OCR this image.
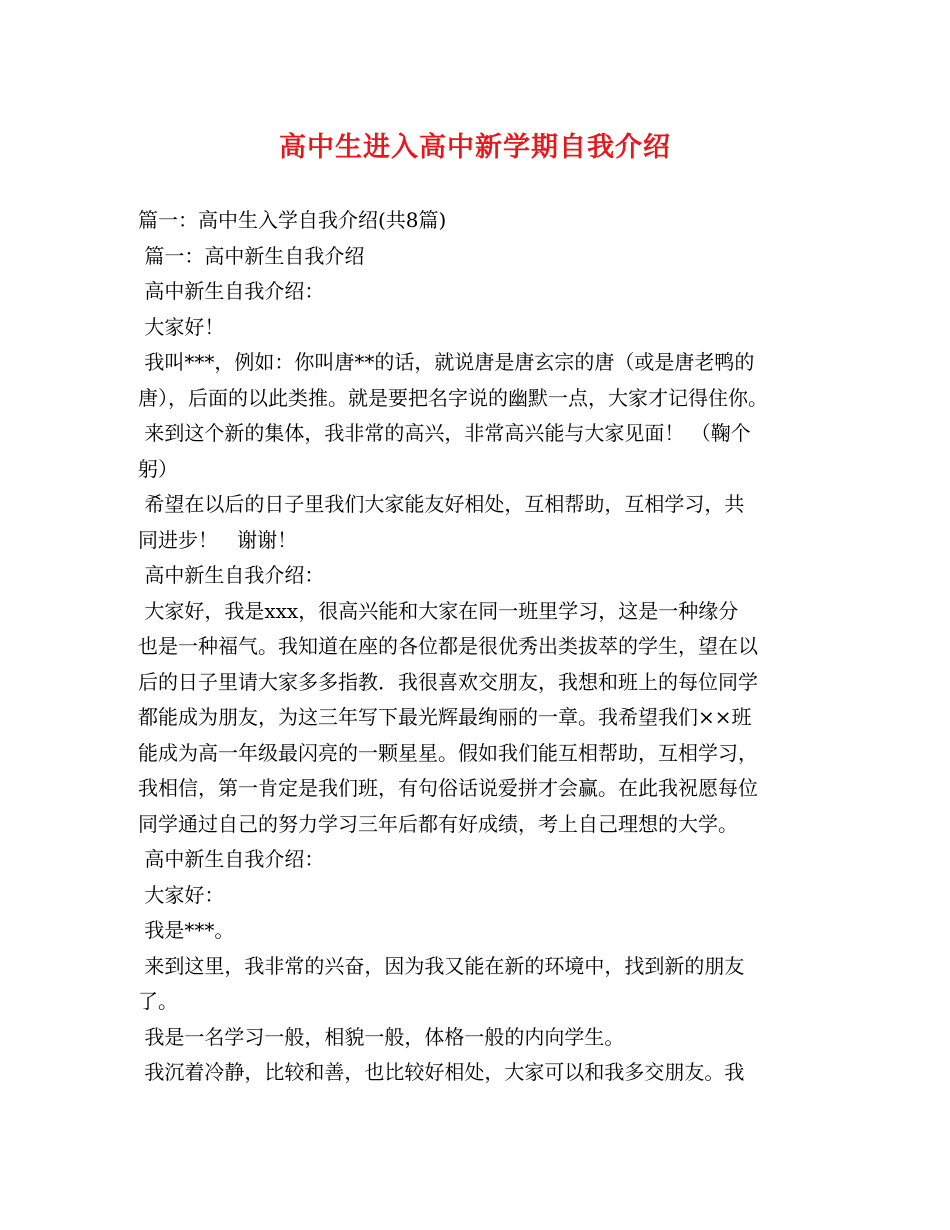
高中生进入高中新学期自我介绍

篇一：高中生入学自我介绍(共8篇)

篇一：高中新生自我介绍

高中新生自我介绍：

大家好！

我叫***，例如：你叫唐**的话，就说唐是唐玄宗的唐（或是唐老鸭的

唐），后面的以此类推。就是要把名字说的幽默一点，大家才记得住你。

来到这个新的集体，我非常的高兴，非常高兴能与大家见面！ （鞠个

躬）

希望在以后的日子里我们大家能友好相处，互相帮助，互相学习，共

同进步！   谢谢！

高中新生自我介绍：

大家好，我是xxx，很高兴能和大家在同一班里学习，这是一种缘分

也是一种福气。我知道在座的各位都是很优秀出类拔萃的学生，望在以

后的日子里请大家多多指教．我很喜欢交朋友，我想和班上的每位同学

都能成为朋友，为这三年写下最光辉最绚丽的一章。我希望我们××班

能成为高一年级最闪亮的一颗星星。假如我们能互相帮助，互相学习，

我相信，第一肯定是我们班，有句俗话说爱拼才会赢。在此我祝愿每位

同学通过自己的努力学习三年后都有好成绩，考上自己理想的大学。

高中新生自我介绍：

大家好：

我是***。

来到这里，我非常的兴奋，因为我又能在新的环境中，找到新的朋友

了。

我是一名学习一般，相貌一般，体格一般的内向学生。

我沉着冷静，比较和善，也比较好相处，大家可以和我多交朋友。我
